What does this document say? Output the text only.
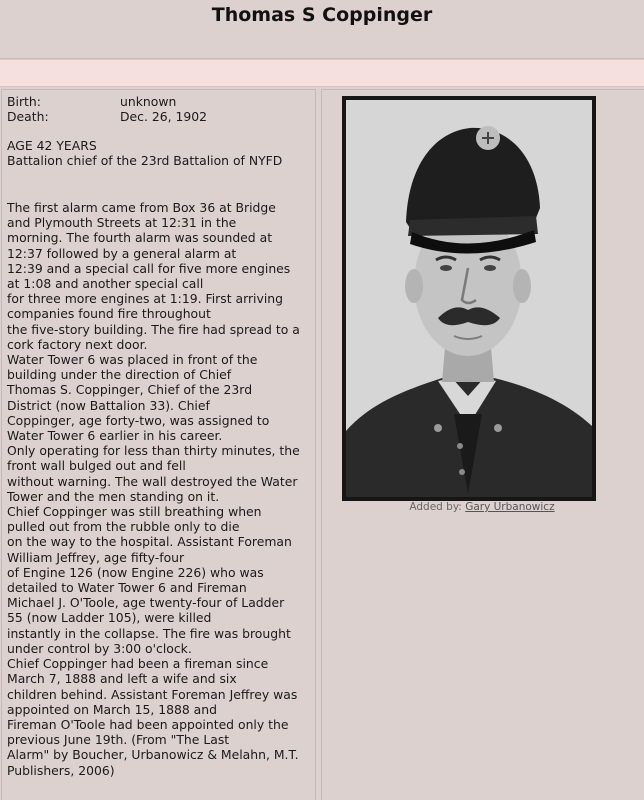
Thomas S Coppinger
Birth:	unknown
Death:	Dec. 26, 1902
AGE 42 YEARS
Battalion chief of the 23rd Battalion of NYFD
The first alarm came from Box 36 at Bridge
and Plymouth Streets at 12:31 in the
morning. The fourth alarm was sounded at
12:37 followed by a general alarm at
12:39 and a special call for five more engines
at 1:08 and another special call
for three more engines at 1:19. First arriving
companies found fire throughout
the five-story building. The fire had spread to a
cork factory next door.
Water Tower 6 was placed in front of the
building under the direction of Chief
Thomas S. Coppinger, Chief of the 23rd
District (now Battalion 33). Chief
Coppinger, age forty-two, was assigned to
Water Tower 6 earlier in his career.
Only operating for less than thirty minutes, the
front wall bulged out and fell
without warning. The wall destroyed the Water
Tower and the men standing on it.
Chief Coppinger was still breathing when
pulled out from the rubble only to die
on the way to the hospital. Assistant Foreman
William Jeffrey, age fifty-four
of Engine 126 (now Engine 226) who was
detailed to Water Tower 6 and Fireman
Michael J. O'Toole, age twenty-four of Ladder
55 (now Ladder 105), were killed
instantly in the collapse. The fire was brought
under control by 3:00 o'clock.
Chief Coppinger had been a fireman since
March 7, 1888 and left a wife and six
children behind. Assistant Foreman Jeffrey was
appointed on March 15, 1888 and
Fireman O'Toole had been appointed only the
previous June 19th. (From "The Last
Alarm" by Boucher, Urbanowicz & Melahn, M.T.
Publishers, 2006)
Added by: Gary Urbanowicz
